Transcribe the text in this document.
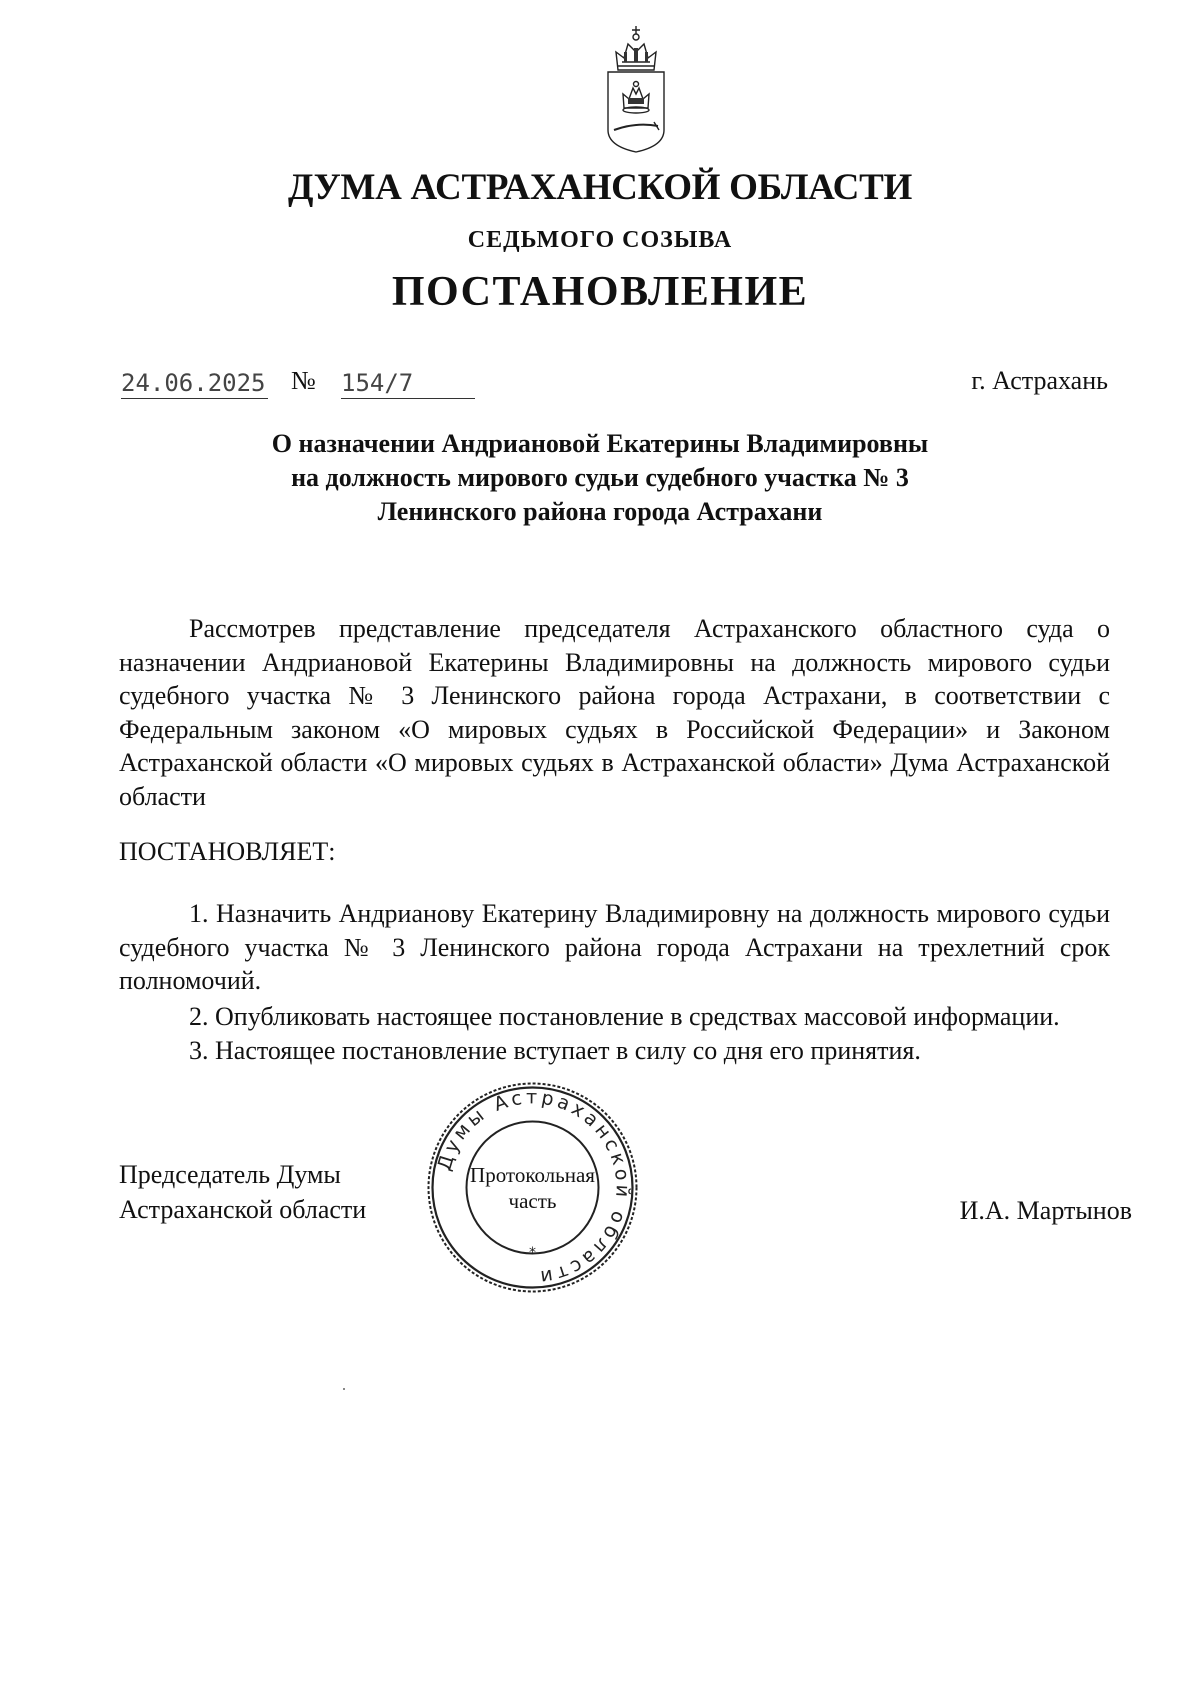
ДУМА АСТРАХАНСКОЙ ОБЛАСТИ
СЕДЬМОГО СОЗЫВА
ПОСТАНОВЛЕНИЕ
24.06.2025 № 154/7	г. Астрахань
О назначении Андриановой Екатерины Владимировны
на должность мирового судьи судебного участка № 3
Ленинского района города Астрахани

Рассмотрев представление председателя Астраханского областного суда о назначении Андриановой Екатерины Владимировны на должность мирового судьи судебного участка № 3 Ленинского района города Астрахани, в соответствии с Федеральным законом «О мировых судьях в Российской Федерации» и Законом Астраханской области «О мировых судьях в Астраханской области» Дума Астраханской области

ПОСТАНОВЛЯЕТ:

1. Назначить Андрианову Екатерину Владимировну на должность мирового судьи судебного участка № 3 Ленинского района города Астрахани на трехлетний срок полномочий.

2. Опубликовать настоящее постановление в средствах массовой информации.

3. Настоящее постановление вступает в силу со дня его принятия.

Председатель Думы
Астраханской области
Думы Астраханской области
*
Протокольная
часть	И.А. Мартынов
